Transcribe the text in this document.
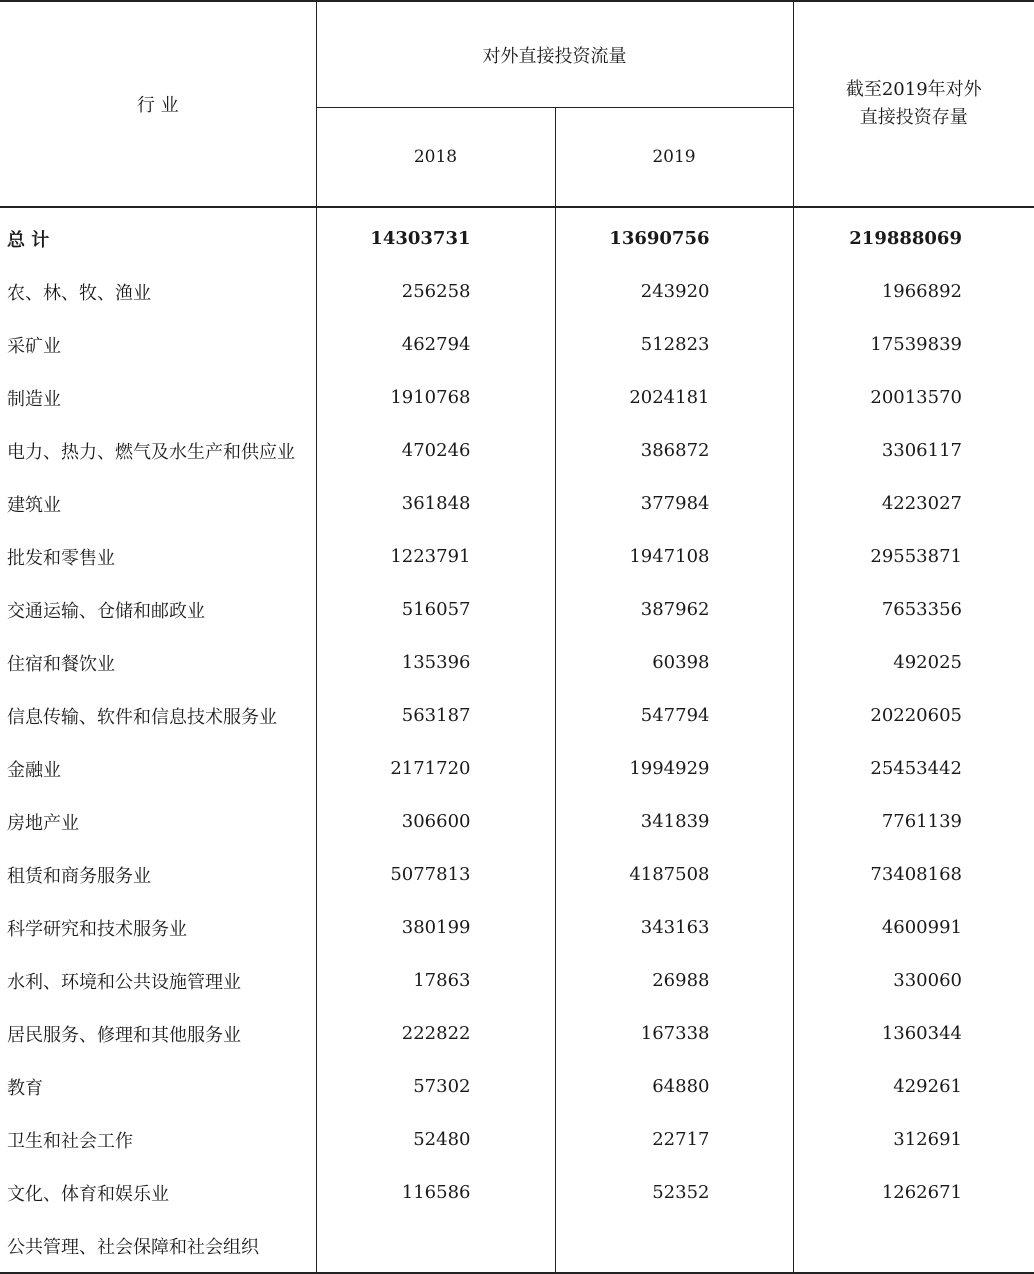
行 业	对外直接投资流量		截至2019年对外
直接投资存量

	2018	2019	
总 计	14303731	13690756	219888069
农、林、牧、渔业	256258	243920	1966892
采矿业	462794	512823	17539839
制造业	1910768	2024181	20013570
电力、热力、燃气及水生产和供应业	470246	386872	3306117
建筑业	361848	377984	4223027
批发和零售业	1223791	1947108	29553871
交通运输、仓储和邮政业	516057	387962	7653356
住宿和餐饮业	135396	60398	492025
信息传输、软件和信息技术服务业	563187	547794	20220605
金融业	2171720	1994929	25453442
房地产业	306600	341839	7761139
租赁和商务服务业	5077813	4187508	73408168
科学研究和技术服务业	380199	343163	4600991
水利、环境和公共设施管理业	17863	26988	330060
居民服务、修理和其他服务业	222822	167338	1360344
教育	57302	64880	429261
卫生和社会工作	52480	22717	312691
文化、体育和娱乐业	116586	52352	1262671
公共管理、社会保障和社会组织			
